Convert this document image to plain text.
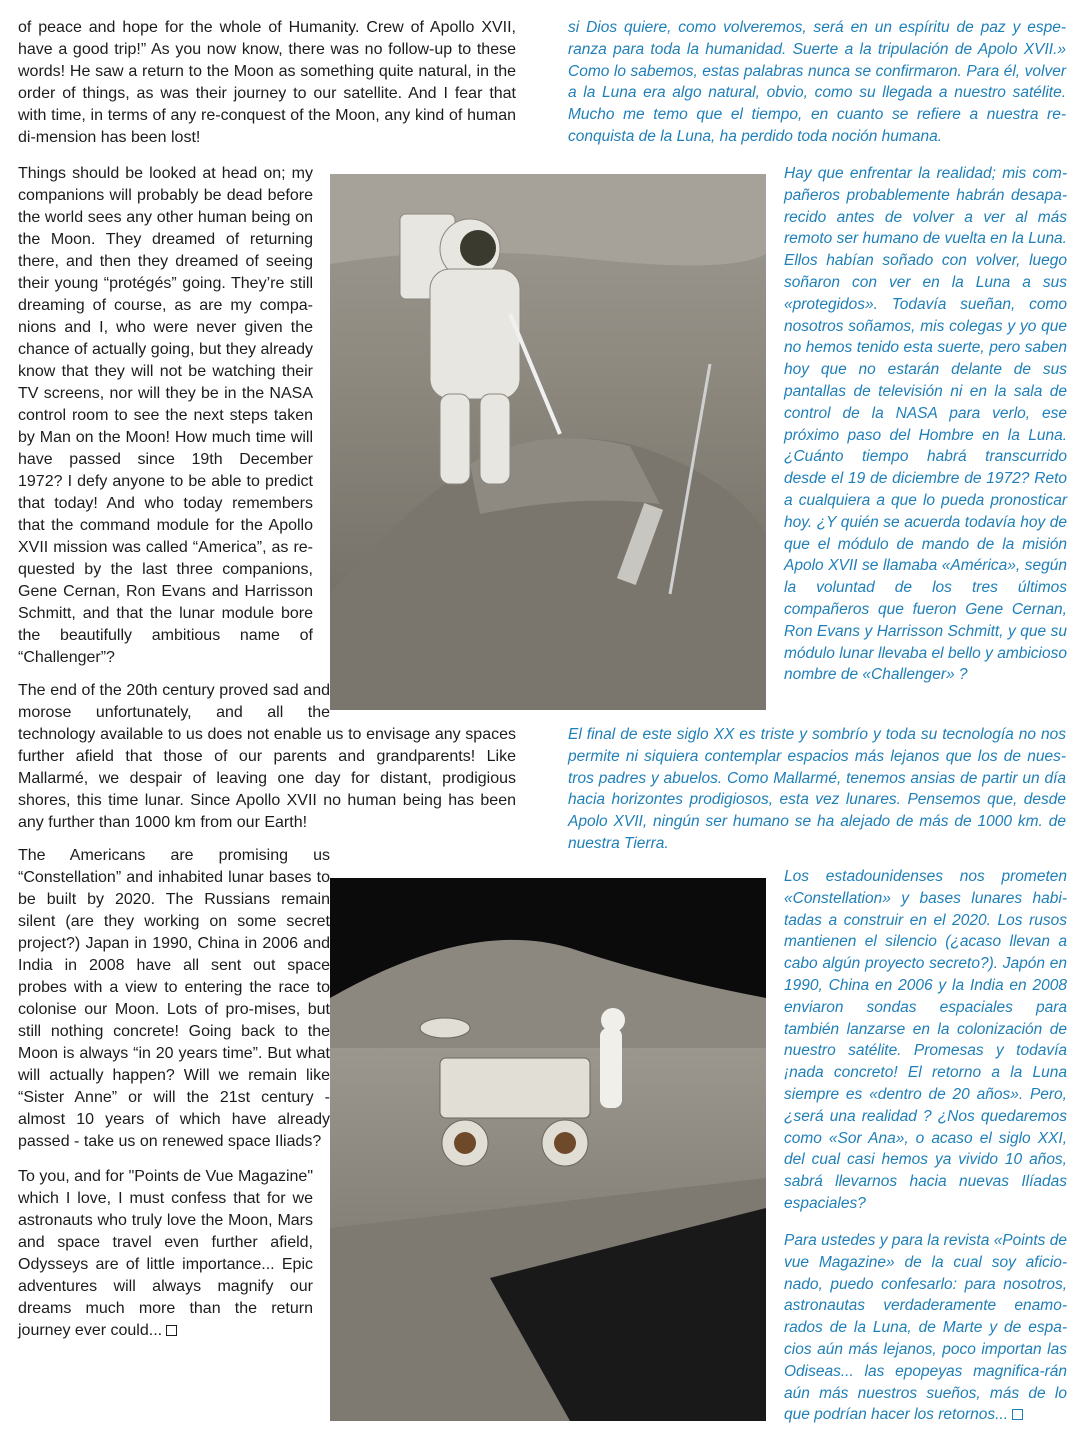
of peace and hope for the whole of Humanity. Crew of Apollo XVII, have a good trip!” As you now know, there was no follow-up to these words! He saw a return to the Moon as something quite natural, in the order of things, as was their journey to our satellite. And I fear that with time, in terms of any re-conquest of the Moon, any kind of human di-mension has been lost!

Things should be looked at head on; my companions will probably be dead before the world sees any other human being on the Moon. They dreamed of returning there, and then they dreamed of seeing their young “protégés” going. They’re still dreaming of course, as are my compa-nions and I, who were never given the chance of actually going, but they already know that they will not be watching their TV screens, nor will they be in the NASA control room to see the next steps taken by Man on the Moon! How much time will have passed since 19th December 1972? I defy anyone to be able to predict that today! And who today remembers that the command module for the Apollo XVII mission was called “America”, as re-quested by the last three companions, Gene Cernan, Ron Evans and Harrisson Schmitt, and that the lunar module bore the beautifully ambitious name of “Challenger”?

The end of the 20th century proved sad and morose unfortunately, and all the technology available to us does not enable us to envisage any spaces further afield that those of our parents and grandparents! Like Mallarmé, we despair of leaving one day for distant, prodigious shores, this time lunar. Since Apollo XVII no human being has been any further than 1000 km from our Earth!

The Americans are promising us “Constellation” and inhabited lunar bases to be built by 2020. The Russians remain silent (are they working on some secret project?) Japan in 1990, China in 2006 and India in 2008 have all sent out space probes with a view to entering the race to colonise our Moon. Lots of pro-mises, but still nothing concrete! Going back to the Moon is always “in 20 years time”. But what will actually happen? Will we remain like “Sister Anne” or will the 21st century - almost 10 years of which have already passed - take us on renewed space Iliads?

To you, and for "Points de Vue Magazine" which I love, I must confess that for we astronauts who truly love the Moon, Mars and space travel even further afield, Odysseys are of little importance... Epic adventures will always magnify our dreams much more than the return journey ever could...

si Dios quiere, como volveremos, será en un espíritu de paz y espe-ranza para toda la humanidad. Suerte a la tripulación de Apolo XVII.» Como lo sabemos, estas palabras nunca se confirmaron. Para él, volver a la Luna era algo natural, obvio, como su llegada a nuestro satélite. Mucho me temo que el tiempo, en cuanto se refiere a nuestra re-conquista de la Luna, ha perdido toda noción humana.

Hay que enfrentar la realidad; mis com-pañeros probablemente habrán desapa-recido antes de volver a ver al más remoto ser humano de vuelta en la Luna. Ellos habían soñado con volver, luego soñaron con ver en la Luna a sus «protegidos». Todavía sueñan, como nosotros soñamos, mis colegas y yo que no hemos tenido esta suerte, pero saben hoy que no estarán delante de sus pantallas de televisión ni en la sala de control de la NASA para verlo, ese próximo paso del Hombre en la Luna. ¿Cuánto tiempo habrá transcurrido desde el 19 de diciembre de 1972? Reto a cualquiera a que lo pueda pronosticar hoy. ¿Y quién se acuerda todavía hoy de que el módulo de mando de la misión Apolo XVII se llamaba «América», según la voluntad de los tres últimos compañeros que fueron Gene Cernan, Ron Evans y Harrisson Schmitt, y que su módulo lunar llevaba el bello y ambicioso nombre de «Challenger» ?

El final de este siglo XX es triste y sombrío y toda su tecnología no nos permite ni siquiera contemplar espacios más lejanos que los de nues-tros padres y abuelos. Como Mallarmé, tenemos ansias de partir un día hacia horizontes prodigiosos, esta vez lunares. Pensemos que, desde Apolo XVII, ningún ser humano se ha alejado de más de 1000 km. de nuestra Tierra.

Los estadounidenses nos prometen «Constellation» y bases lunares habi-tadas a construir en el 2020. Los rusos mantienen el silencio (¿acaso llevan a cabo algún proyecto secreto?). Japón en 1990, China en 2006 y la India en 2008 enviaron sondas espaciales para también lanzarse en la colonización de nuestro satélite. Promesas y todavía ¡nada concreto! El retorno a la Luna siempre es «dentro de 20 años». Pero, ¿será una realidad ? ¿Nos quedaremos como «Sor Ana», o acaso el siglo XXI, del cual casi hemos ya vivido 10 años, sabrá llevarnos hacia nuevas Ilíadas espaciales?

Para ustedes y para la revista «Points de vue Magazine» de la cual soy aficio-nado, puedo confesarlo: para nosotros, astronautas verdaderamente enamo-rados de la Luna, de Marte y de espa-cios aún más lejanos, poco importan las Odiseas... las epopeyas magnifica-rán aún más nuestros sueños, más de lo que podrían hacer los retornos...
